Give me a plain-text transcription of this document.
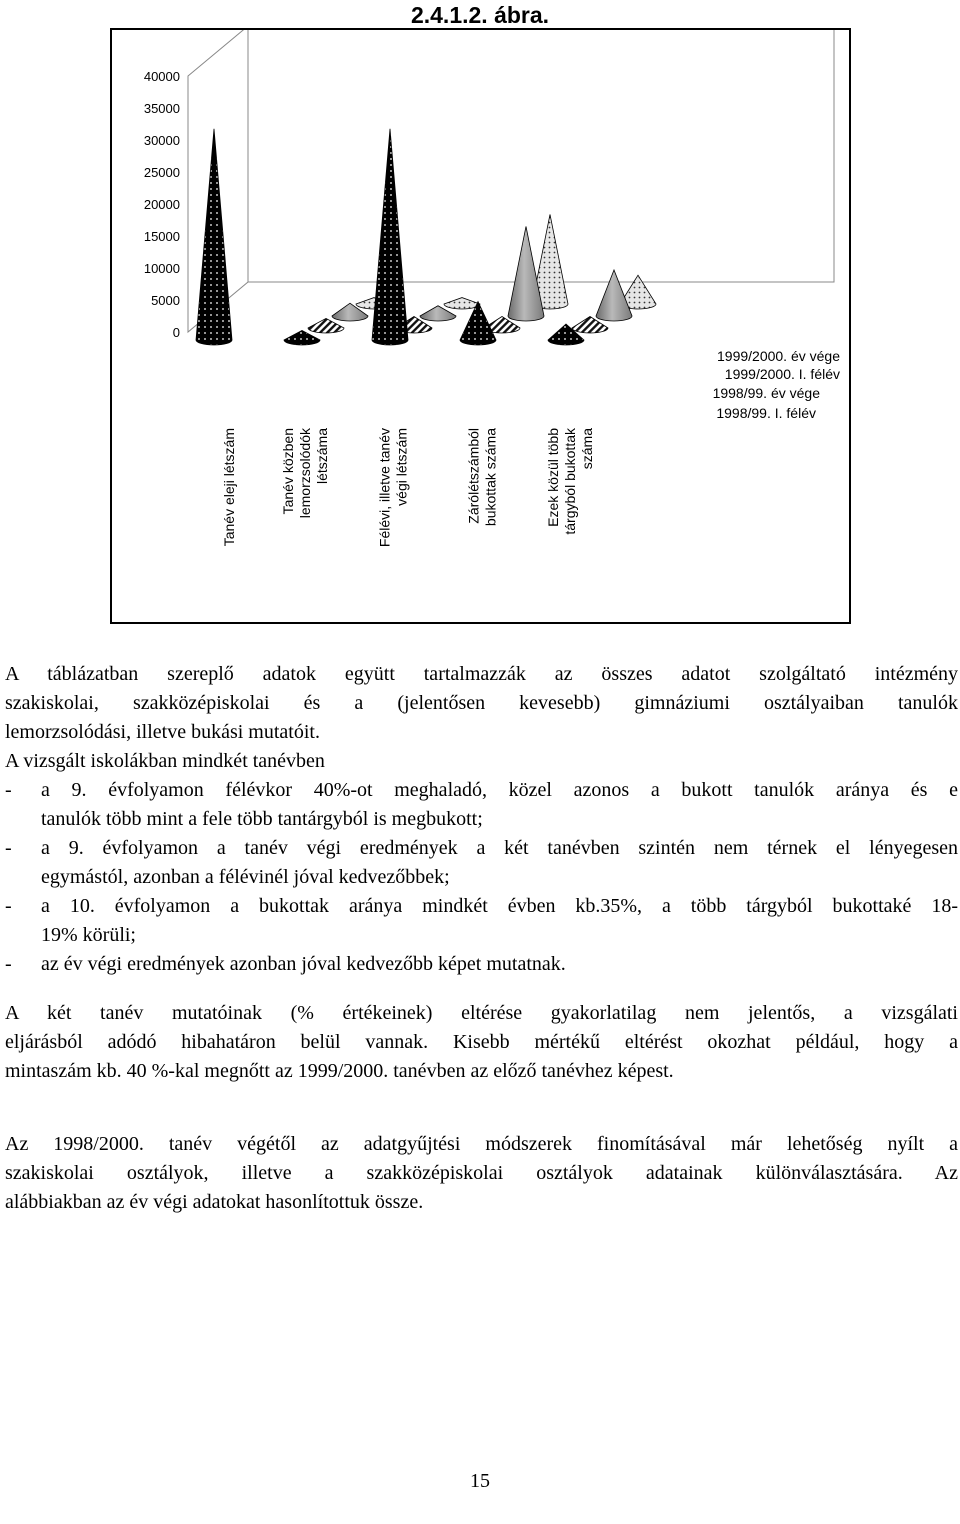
2.4.1.2. ábra.
40000
35000
30000
25000
20000
15000
10000
5000
0
1999/2000. év vége
1999/2000. I. félév
1998/99. év vége
1998/99. I. félév
Tanév eleji létszám	Tanév közben lemorzsolódók létszáma	Félévi, illetve tanév végi létszám	Zárólétszámból bukottak száma	Ezek közül több tárgyból bukottak száma

A táblázatban szereplő adatok együtt tartalmazzák az összes adatot szolgáltató intézmény

szakiskolai, szakközépiskolai és a (jelentősen kevesebb) gimnáziumi osztályaiban tanulók

lemorzsolódási, illetve bukási mutatóit.

A vizsgált iskolákban mindkét tanévben

- a 9. évfolyamon félévkor 40%-ot meghaladó, közel azonos a bukott tanulók aránya és e

tanulók több mint a fele több tantárgyból is megbukott;

- a 9. évfolyamon a tanév végi eredmények a két tanévben szintén nem térnek el lényegesen

egymástól, azonban a félévinél jóval kedvezőbbek;

- a 10. évfolyamon a bukottak aránya mindkét évben kb.35%, a több tárgyból bukottaké 18-

19% körüli;

- az év végi eredmények azonban jóval kedvezőbb képet mutatnak.

A két tanév mutatóinak (% értékeinek) eltérése gyakorlatilag nem jelentős, a vizsgálati

eljárásból adódó hibahatáron belül vannak. Kisebb mértékű eltérést okozhat például, hogy a

mintaszám kb. 40 %-kal megnőtt az 1999/2000. tanévben az előző tanévhez képest.

Az 1998/2000. tanév végétől az adatgyűjtési módszerek finomításával már lehetőség nyílt a

szakiskolai osztályok, illetve a szakközépiskolai osztályok adatainak különválasztására. Az

alábbiakban az év végi adatokat hasonlítottuk össze.

15
